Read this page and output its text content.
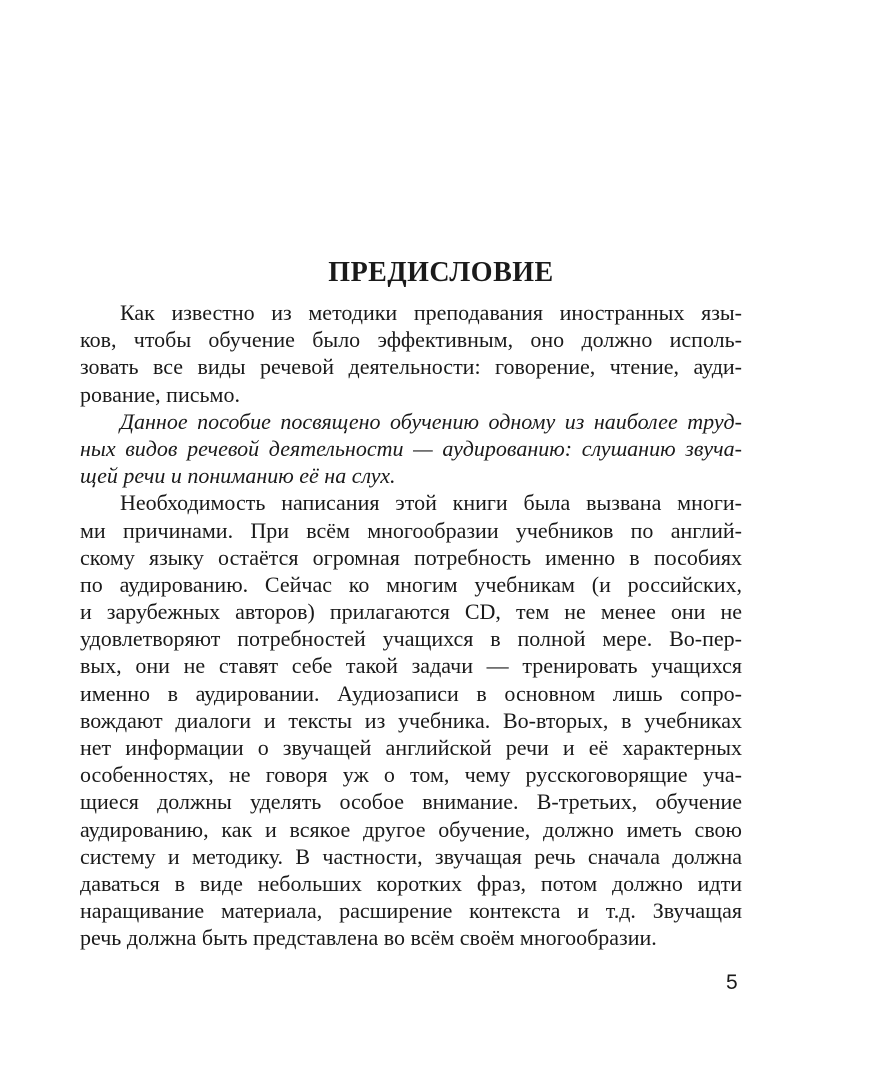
ПРЕДИСЛОВИЕ
Как известно из методики преподавания иностранных язы-
ков, чтобы обучение было эффективным, оно должно исполь-
зовать все виды речевой деятельности: говорение, чтение, ауди-
рование, письмо.
Данное пособие посвящено обучению одному из наиболее труд-
ных видов речевой деятельности — аудированию: слушанию звуча-
щей речи и пониманию её на слух.
Необходимость написания этой книги была вызвана многи-
ми причинами. При всём многообразии учебников по англий-
скому языку остаётся огромная потребность именно в пособиях
по аудированию. Сейчас ко многим учебникам (и российских,
и зарубежных авторов) прилагаются CD, тем не менее они не
удовлетворяют потребностей учащихся в полной мере. Во-пер-
вых, они не ставят себе такой задачи — тренировать учащихся
именно в аудировании. Аудиозаписи в основном лишь сопро-
вождают диалоги и тексты из учебника. Во-вторых, в учебниках
нет информации о звучащей английской речи и её характерных
особенностях, не говоря уж о том, чему русскоговорящие уча-
щиеся должны уделять особое внимание. В-третьих, обучение
аудированию, как и всякое другое обучение, должно иметь свою
систему и методику. В частности, звучащая речь сначала должна
даваться в виде небольших коротких фраз, потом должно идти
наращивание материала, расширение контекста и т.д. Звучащая
речь должна быть представлена во всём своём многообразии.
5
